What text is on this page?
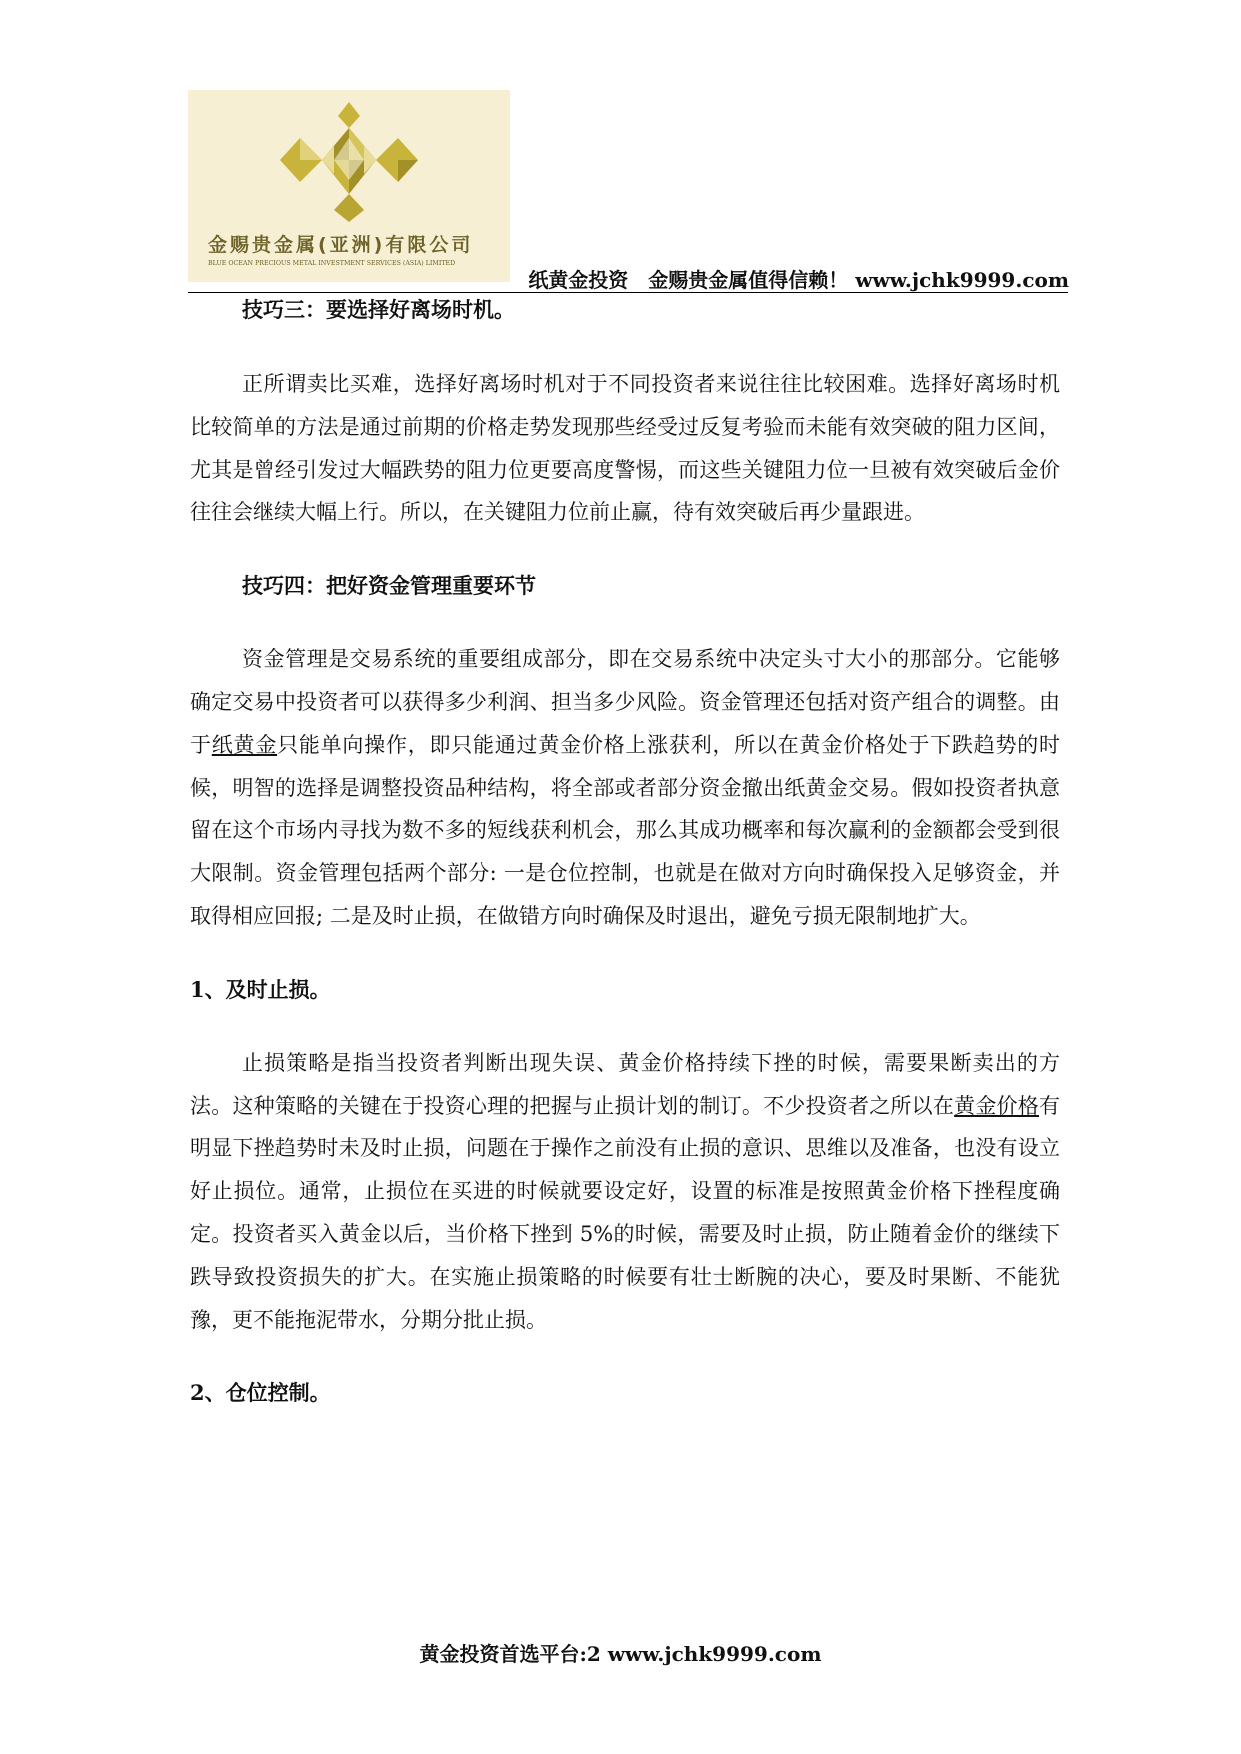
金赐贵金属(亚洲)有限公司
BLUE OCEAN PRECIOUS METAL INVESTMENT SERVICES (ASIA) LIMITED
纸黄金投资　金赐贵金属值得信赖！ www.jchk9999.com

技巧三：要选择好离场时机。

正所谓卖比买难，选择好离场时机对于不同投资者来说往往比较困难。选择好离场时机比较简单的方法是通过前期的价格走势发现那些经受过反复考验而未能有效突破的阻力区间，尤其是曾经引发过大幅跌势的阻力位更要高度警惕，而这些关键阻力位一旦被有效突破后金价往往会继续大幅上行。所以，在关键阻力位前止赢，待有效突破后再少量跟进。

技巧四：把好资金管理重要环节

资金管理是交易系统的重要组成部分，即在交易系统中决定头寸大小的那部分。它能够确定交易中投资者可以获得多少利润、担当多少风险。资金管理还包括对资产组合的调整。由于纸黄金只能单向操作，即只能通过黄金价格上涨获利，所以在黄金价格处于下跌趋势的时候，明智的选择是调整投资品种结构，将全部或者部分资金撤出纸黄金交易。假如投资者执意留在这个市场内寻找为数不多的短线获利机会，那么其成功概率和每次赢利的金额都会受到很大限制。资金管理包括两个部分: 一是仓位控制，也就是在做对方向时确保投入足够资金，并取得相应回报; 二是及时止损，在做错方向时确保及时退出，避免亏损无限制地扩大。

1、及时止损。

止损策略是指当投资者判断出现失误、黄金价格持续下挫的时候，需要果断卖出的方法。这种策略的关键在于投资心理的把握与止损计划的制订。不少投资者之所以在黄金价格有明显下挫趋势时未及时止损，问题在于操作之前没有止损的意识、思维以及准备，也没有设立好止损位。通常，止损位在买进的时候就要设定好，设置的标准是按照黄金价格下挫程度确定。投资者买入黄金以后，当价格下挫到 5%的时候，需要及时止损，防止随着金价的继续下跌导致投资损失的扩大。在实施止损策略的时候要有壮士断腕的决心，要及时果断、不能犹豫，更不能拖泥带水，分期分批止损。

2、仓位控制。

黄金投资首选平台:2 www.jchk9999.com
